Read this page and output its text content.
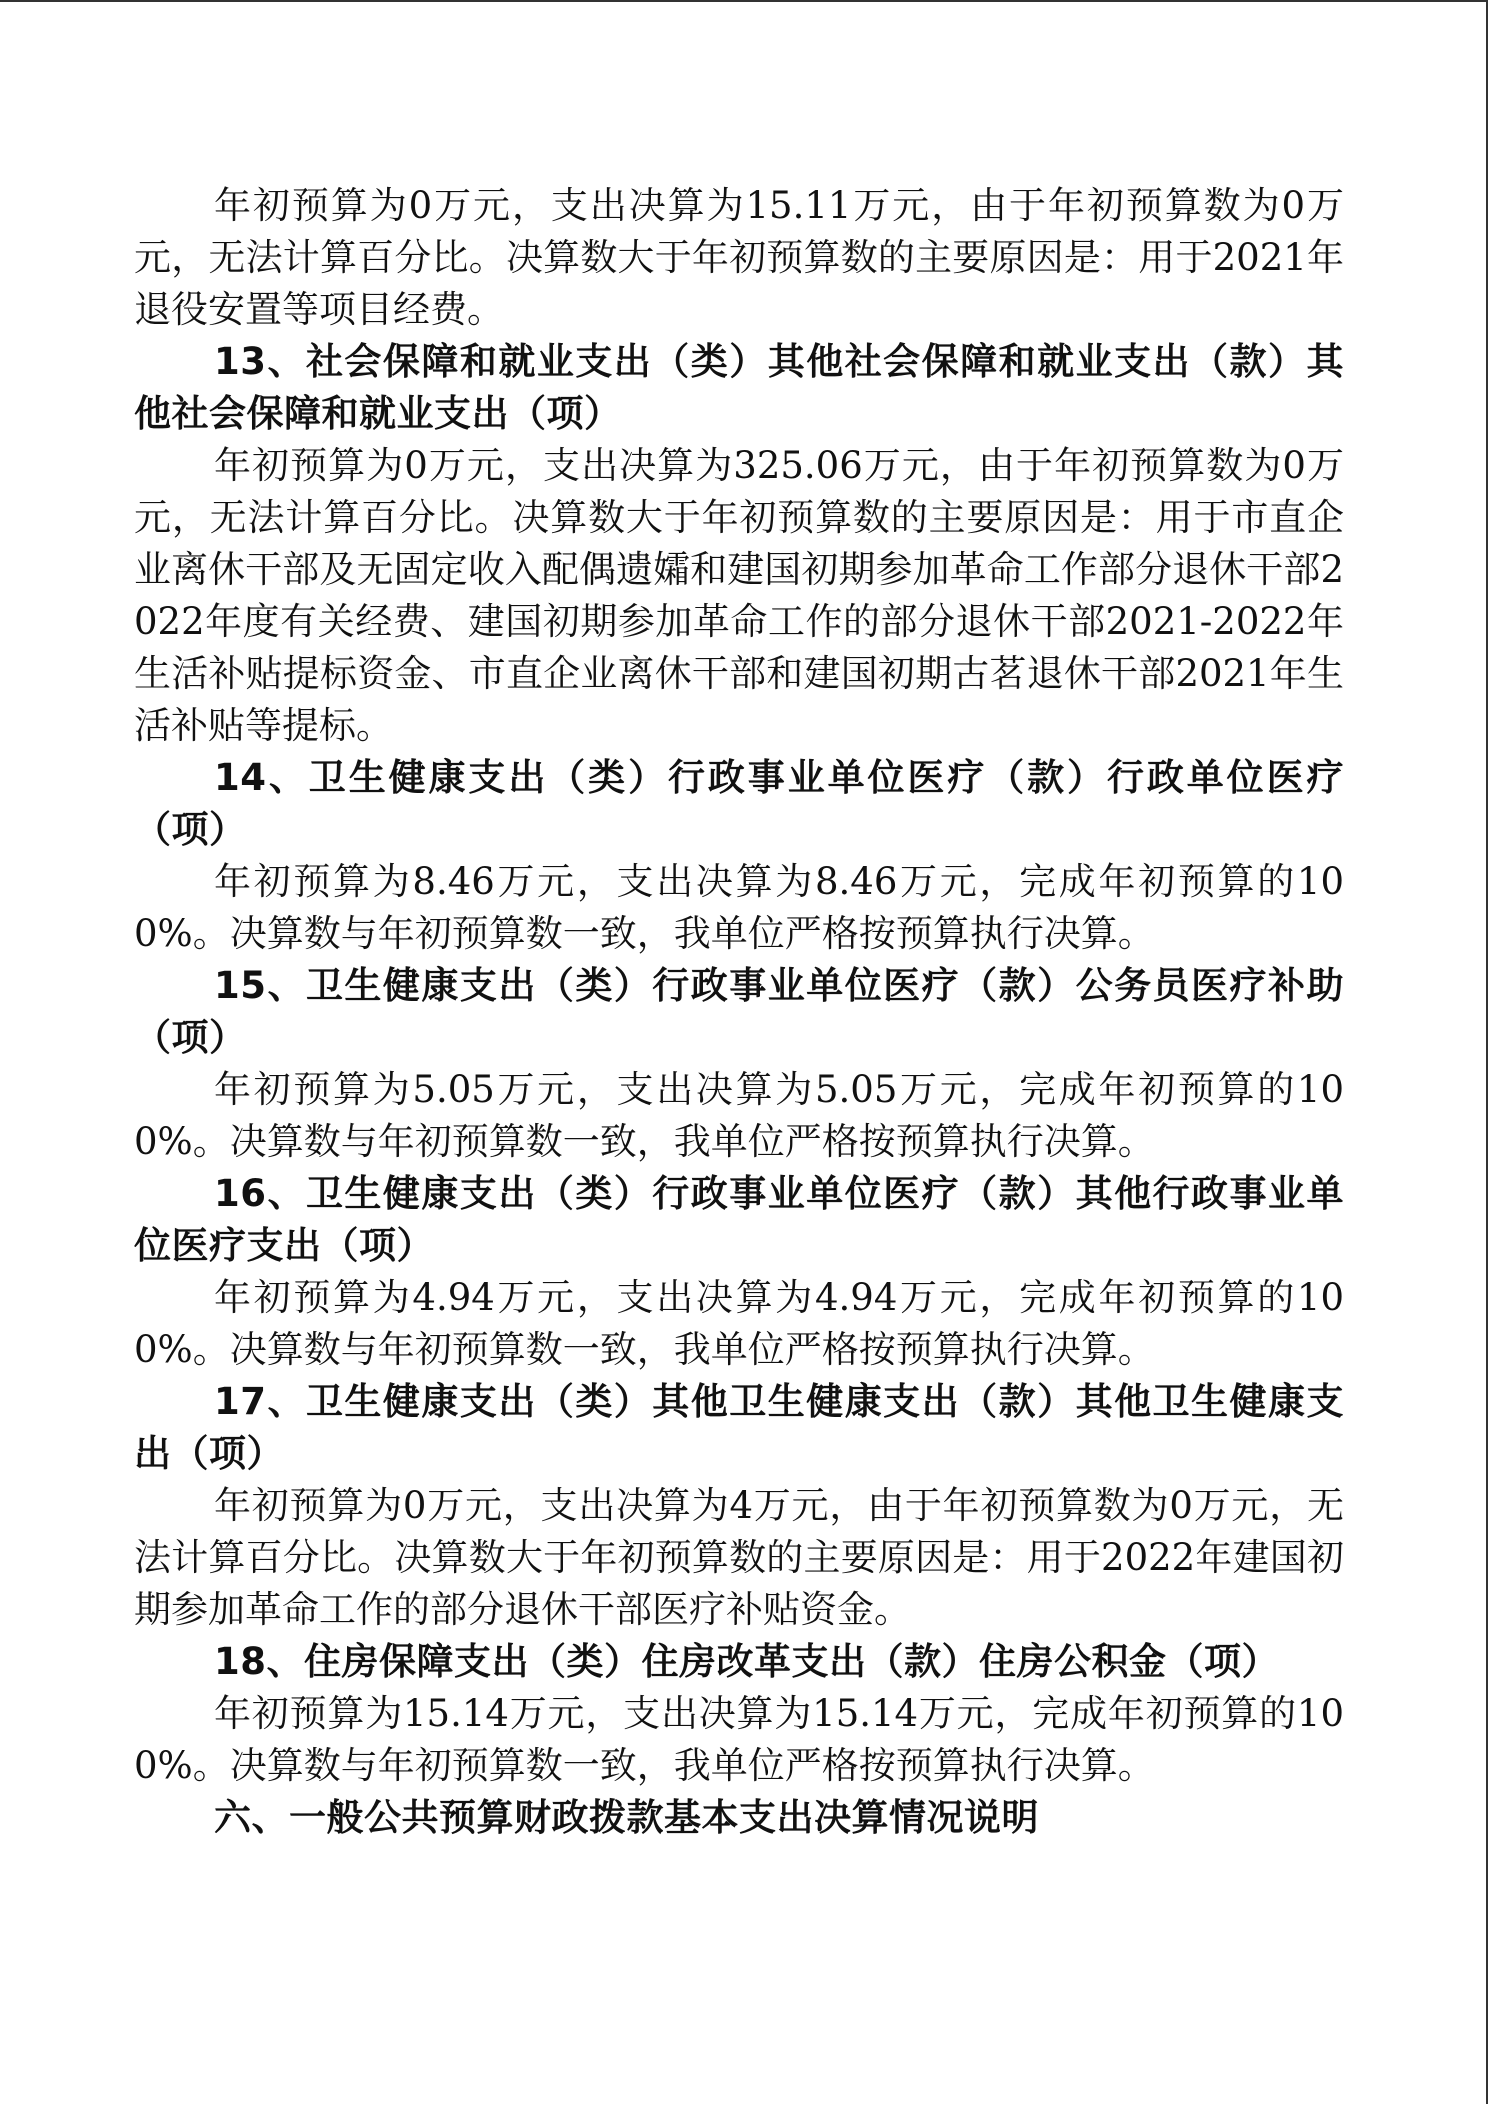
年初预算为0万元，支出决算为15.11万元，由于年初预算数为0万元，无法计算百分比。决算数大于年初预算数的主要原因是：用于2021年退役安置等项目经费。

13、社会保障和就业支出（类）其他社会保障和就业支出（款）其他社会保障和就业支出（项）

年初预算为0万元，支出决算为325.06万元，由于年初预算数为0万元，无法计算百分比。决算数大于年初预算数的主要原因是：用于市直企业离休干部及无固定收入配偶遗孀和建国初期参加革命工作部分退休干部2022年度有关经费、建国初期参加革命工作的部分退休干部2021-2022年生活补贴提标资金、市直企业离休干部和建国初期古茗退休干部2021年生活补贴等提标。

14、卫生健康支出（类）行政事业单位医疗（款）行政单位医疗（项）

年初预算为8.46万元，支出决算为8.46万元，完成年初预算的100%。决算数与年初预算数一致，我单位严格按预算执行决算。

15、卫生健康支出（类）行政事业单位医疗（款）公务员医疗补助（项）

年初预算为5.05万元，支出决算为5.05万元，完成年初预算的100%。决算数与年初预算数一致，我单位严格按预算执行决算。

16、卫生健康支出（类）行政事业单位医疗（款）其他行政事业单位医疗支出（项）

年初预算为4.94万元，支出决算为4.94万元，完成年初预算的100%。决算数与年初预算数一致，我单位严格按预算执行决算。

17、卫生健康支出（类）其他卫生健康支出（款）其他卫生健康支出（项）

年初预算为0万元，支出决算为4万元，由于年初预算数为0万元，无法计算百分比。决算数大于年初预算数的主要原因是：用于2022年建国初期参加革命工作的部分退休干部医疗补贴资金。

18、住房保障支出（类）住房改革支出（款）住房公积金（项）

年初预算为15.14万元，支出决算为15.14万元，完成年初预算的100%。决算数与年初预算数一致，我单位严格按预算执行决算。

六、一般公共预算财政拨款基本支出决算情况说明
